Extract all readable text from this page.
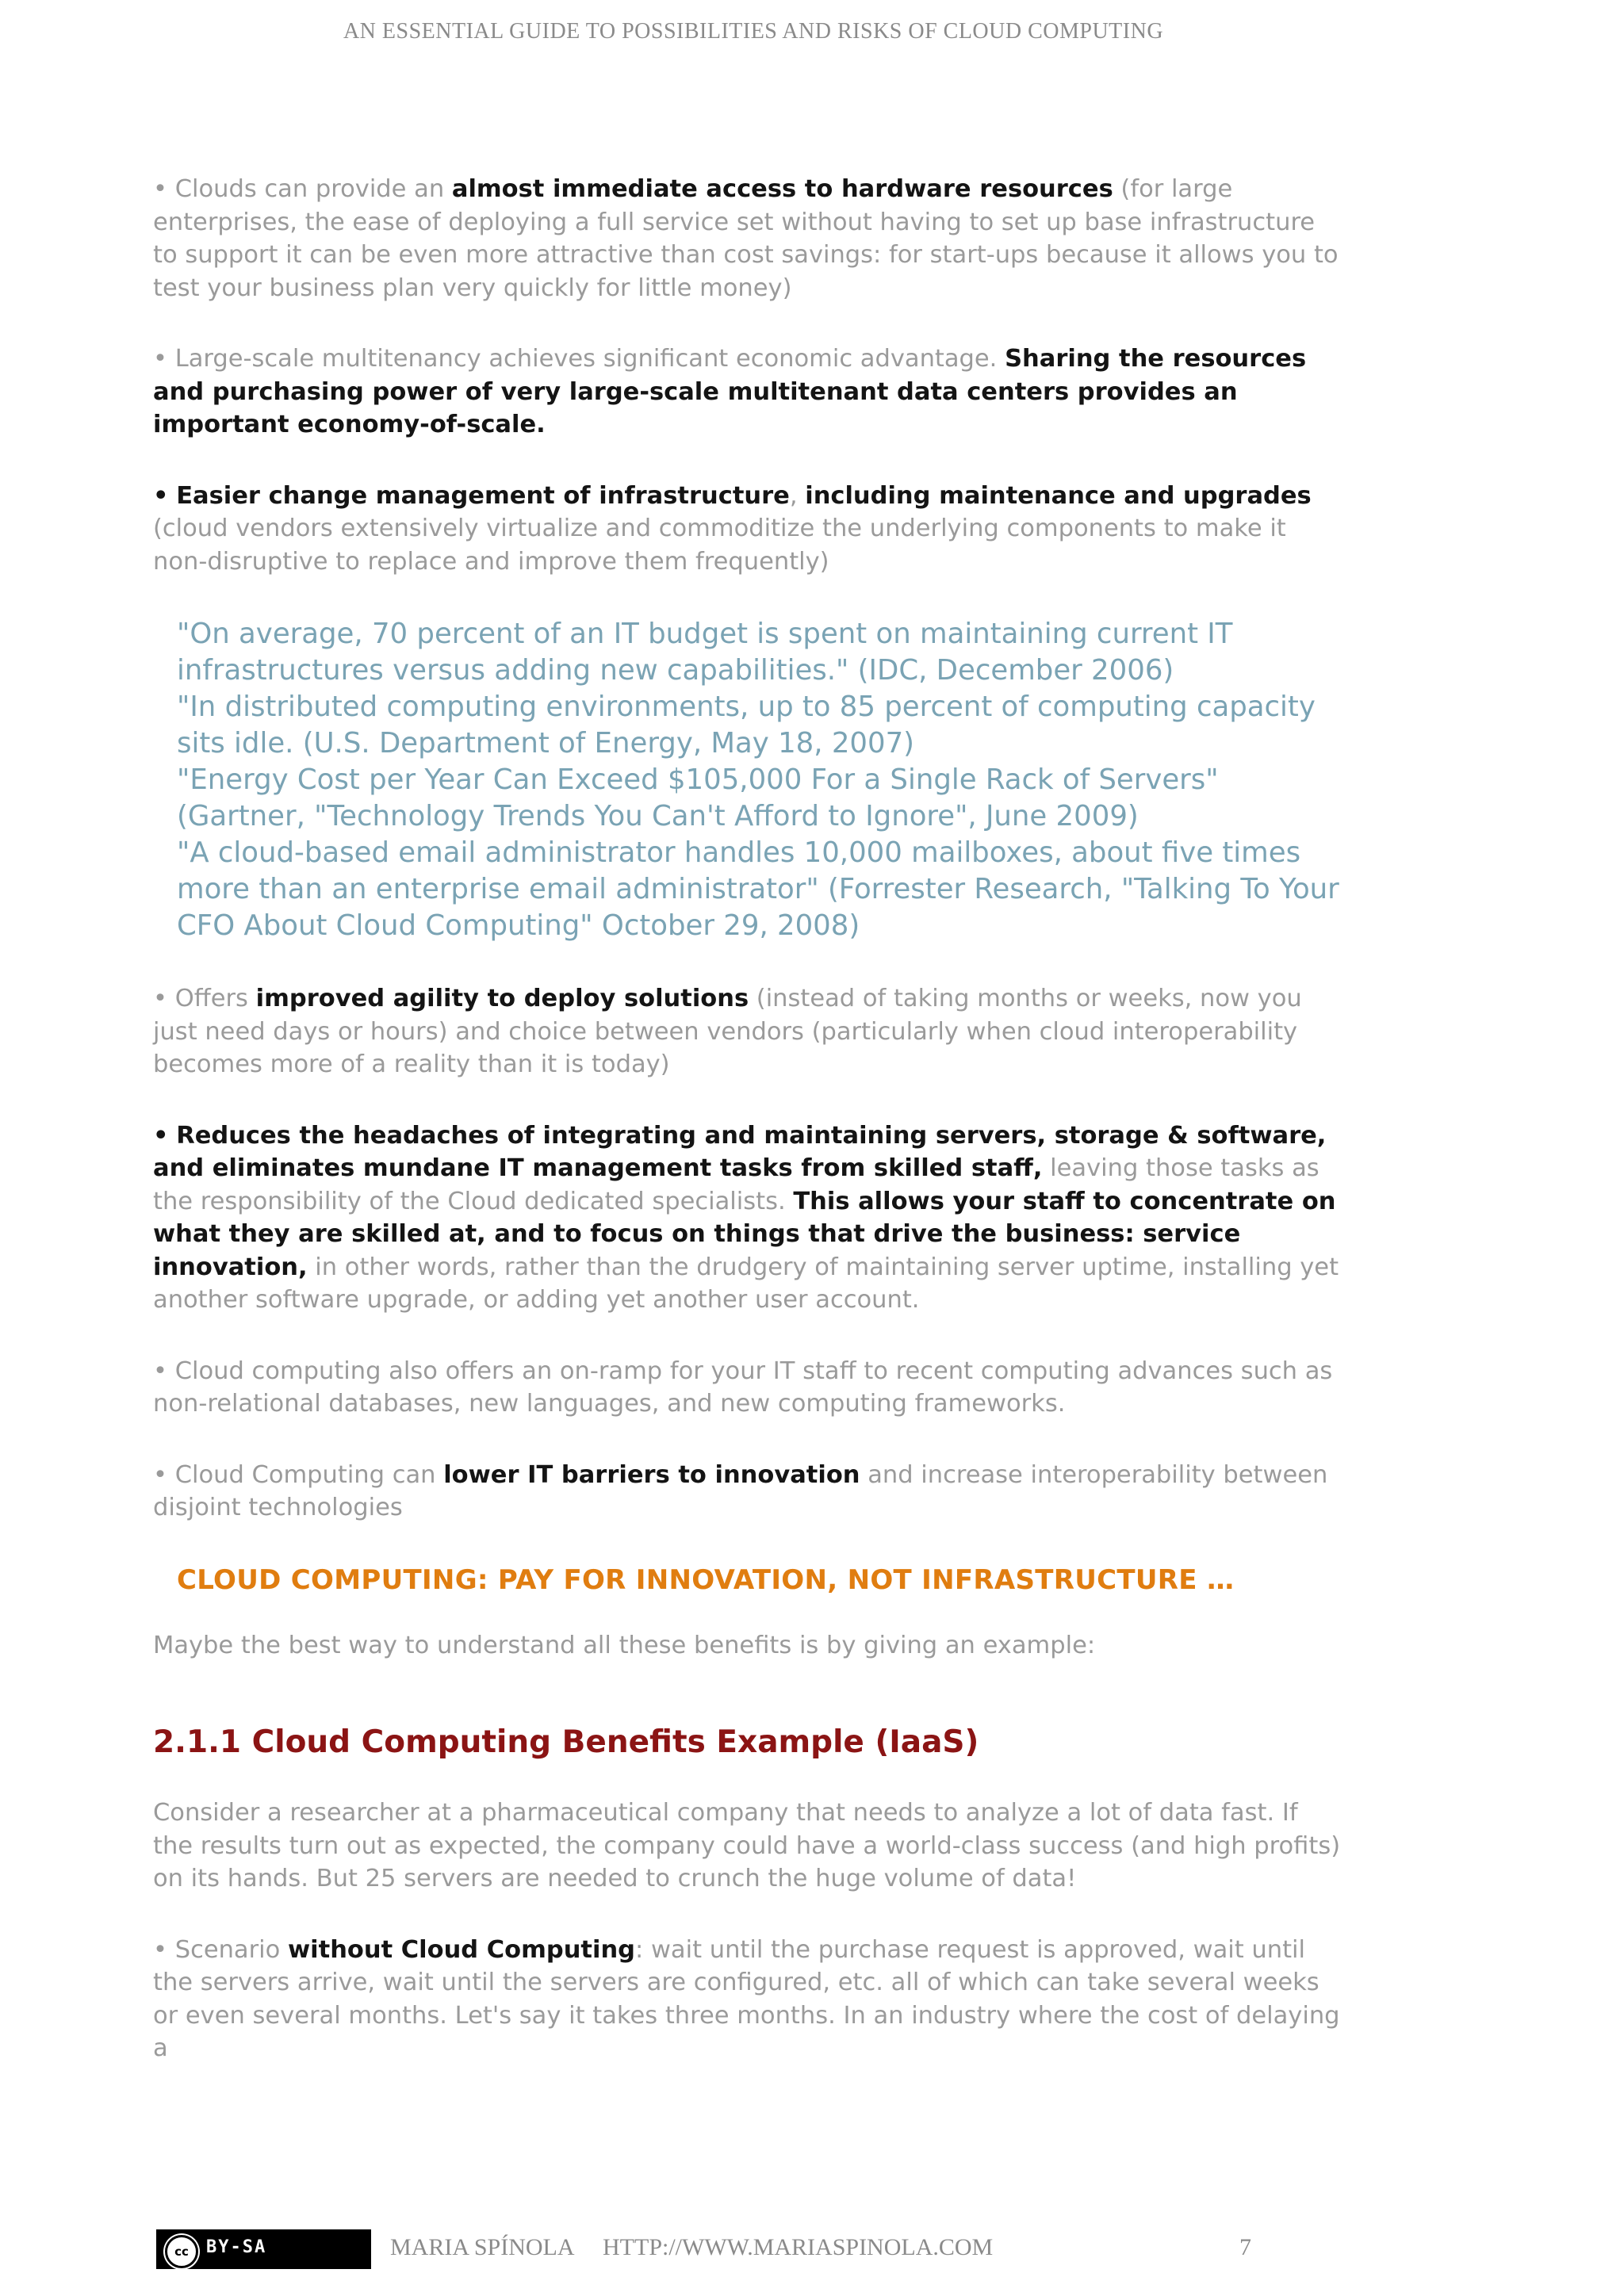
AN ESSENTIAL GUIDE TO POSSIBILITIES AND RISKS OF CLOUD COMPUTING

• Clouds can provide an almost immediate access to hardware resources (for large enterprises, the ease of deploying a full service set without having to set up base infrastructure to support it can be even more attractive than cost savings: for start-ups because it allows you to test your business plan very quickly for little money)

• Large-scale multitenancy achieves significant economic advantage. Sharing the resources and purchasing power of very large-scale multitenant data centers provides an important economy-of-scale.

• Easier change management of infrastructure, including maintenance and upgrades (cloud vendors extensively virtualize and commoditize the underlying components to make it non-disruptive to replace and improve them frequently)

"On average, 70 percent of an IT budget is spent on maintaining current IT infrastructures versus adding new capabilities." (IDC, December 2006)

"In distributed computing environments, up to 85 percent of computing capacity sits idle. (U.S. Department of Energy, May 18, 2007)

"Energy Cost per Year Can Exceed $105,000 For a Single Rack of Servers" (Gartner, "Technology Trends You Can't Afford to Ignore", June 2009)

"A cloud-based email administrator handles 10,000 mailboxes, about five times more than an enterprise email administrator" (Forrester Research, "Talking To Your CFO About Cloud Computing" October 29, 2008)

• Offers improved agility to deploy solutions (instead of taking months or weeks, now you just need days or hours) and choice between vendors (particularly when cloud interoperability becomes more of a reality than it is today)

• Reduces the headaches of integrating and maintaining servers, storage & software, and eliminates mundane IT management tasks from skilled staff, leaving those tasks as the responsibility of the Cloud dedicated specialists. This allows your staff to concentrate on what they are skilled at, and to focus on things that drive the business: service innovation, in other words, rather than the drudgery of maintaining server uptime, installing yet another software upgrade, or adding yet another user account.

• Cloud computing also offers an on-ramp for your IT staff to recent computing advances such as non-relational databases, new languages, and new computing frameworks.

• Cloud Computing can lower IT barriers to innovation and increase interoperability between disjoint technologies

CLOUD COMPUTING: PAY FOR INNOVATION, NOT INFRASTRUCTURE …

Maybe the best way to understand all these benefits is by giving an example:

2.1.1 Cloud Computing Benefits Example (IaaS)

Consider a researcher at a pharmaceutical company that needs to analyze a lot of data fast. If the results turn out as expected, the company could have a world-class success (and high profits) on its hands. But 25 servers are needed to crunch the huge volume of data!

• Scenario without Cloud Computing: wait until the purchase request is approved, wait until the servers arrive, wait until the servers are configured, etc. all of which can take several weeks or even several months. Let's say it takes three months. In an industry where the cost of delaying a

cc	BY-SA	MARIA SPÍNOLA HTTP://WWW.MARIASPINOLA.COM	7
